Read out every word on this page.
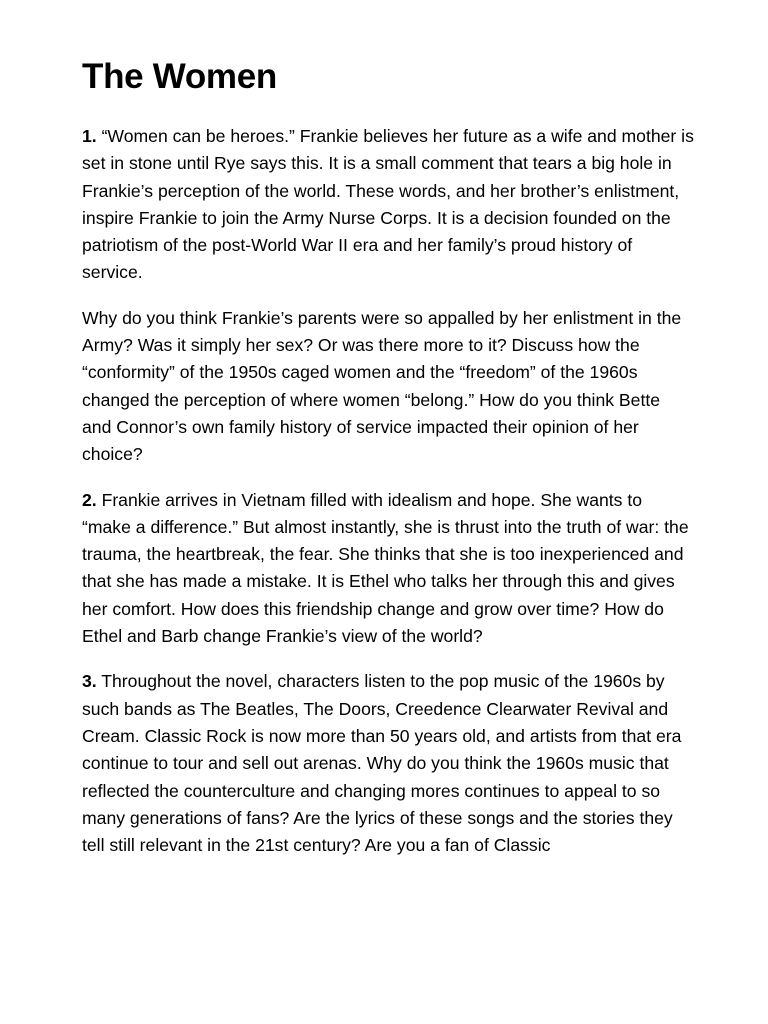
The Women

1. “Women can be heroes.” Frankie believes her future as a wife and mother is set in stone until Rye says this. It is a small comment that tears a big hole in Frankie’s perception of the world. These words, and her brother’s enlistment, inspire Frankie to join the Army Nurse Corps. It is a decision founded on the patriotism of the post-World War II era and her family’s proud history of service.

Why do you think Frankie’s parents were so appalled by her enlistment in the Army? Was it simply her sex? Or was there more to it? Discuss how the “conformity” of the 1950s caged women and the “freedom” of the 1960s changed the perception of where women “belong.” How do you think Bette and Connor’s own family history of service impacted their opinion of her choice?

2. Frankie arrives in Vietnam filled with idealism and hope. She wants to “make a difference.” But almost instantly, she is thrust into the truth of war: the trauma, the heartbreak, the fear. She thinks that she is too inexperienced and that she has made a mistake. It is Ethel who talks her through this and gives her comfort. How does this friendship change and grow over time? How do Ethel and Barb change Frankie’s view of the world?

3. Throughout the novel, characters listen to the pop music of the 1960s by such bands as The Beatles, The Doors, Creedence Clearwater Revival and Cream. Classic Rock is now more than 50 years old, and artists from that era continue to tour and sell out arenas. Why do you think the 1960s music that reflected the counterculture and changing mores continues to appeal to so many generations of fans? Are the lyrics of these songs and the stories they tell still relevant in the 21st century? Are you a fan of Classic
